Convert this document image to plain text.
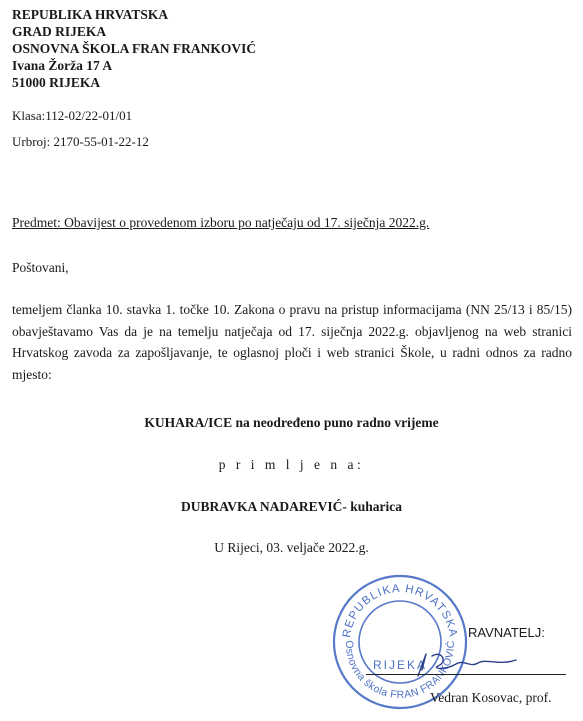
REPUBLIKA HRVATSKA
GRAD RIJEKA
OSNOVNA ŠKOLA FRAN FRANKOVIĆ
Ivana Žorža 17 A
51000 RIJEKA
Klasa:112-02/22-01/01
Urbroj: 2170-55-01-22-12
Predmet: Obavijest o provedenom izboru po natječaju od 17. siječnja 2022.g.
Poštovani,
temeljem članka 10. stavka 1. točke 10. Zakona o pravu na pristup informacijama (NN 25/13 i 85/15) obavještavamo Vas da je na temelju natječaja od 17. siječnja 2022.g. objavljenog na web stranici Hrvatskog zavoda za zapošljavanje, te oglasnoj ploči i web stranici Škole, u radni odnos za radno mjesto:
KUHARA/ICE na neodređeno puno radno vrijeme
p r i m l j e n a:
DUBRAVKA NADAREVIĆ- kuharica
U Rijeci, 03. veljače 2022.g.
REPUBLIKA HRVATSKA
RIJEKA
Osnovna škola FRAN FRANKOVIĆ
RAVNATELJ:
Vedran Kosovac, prof.
